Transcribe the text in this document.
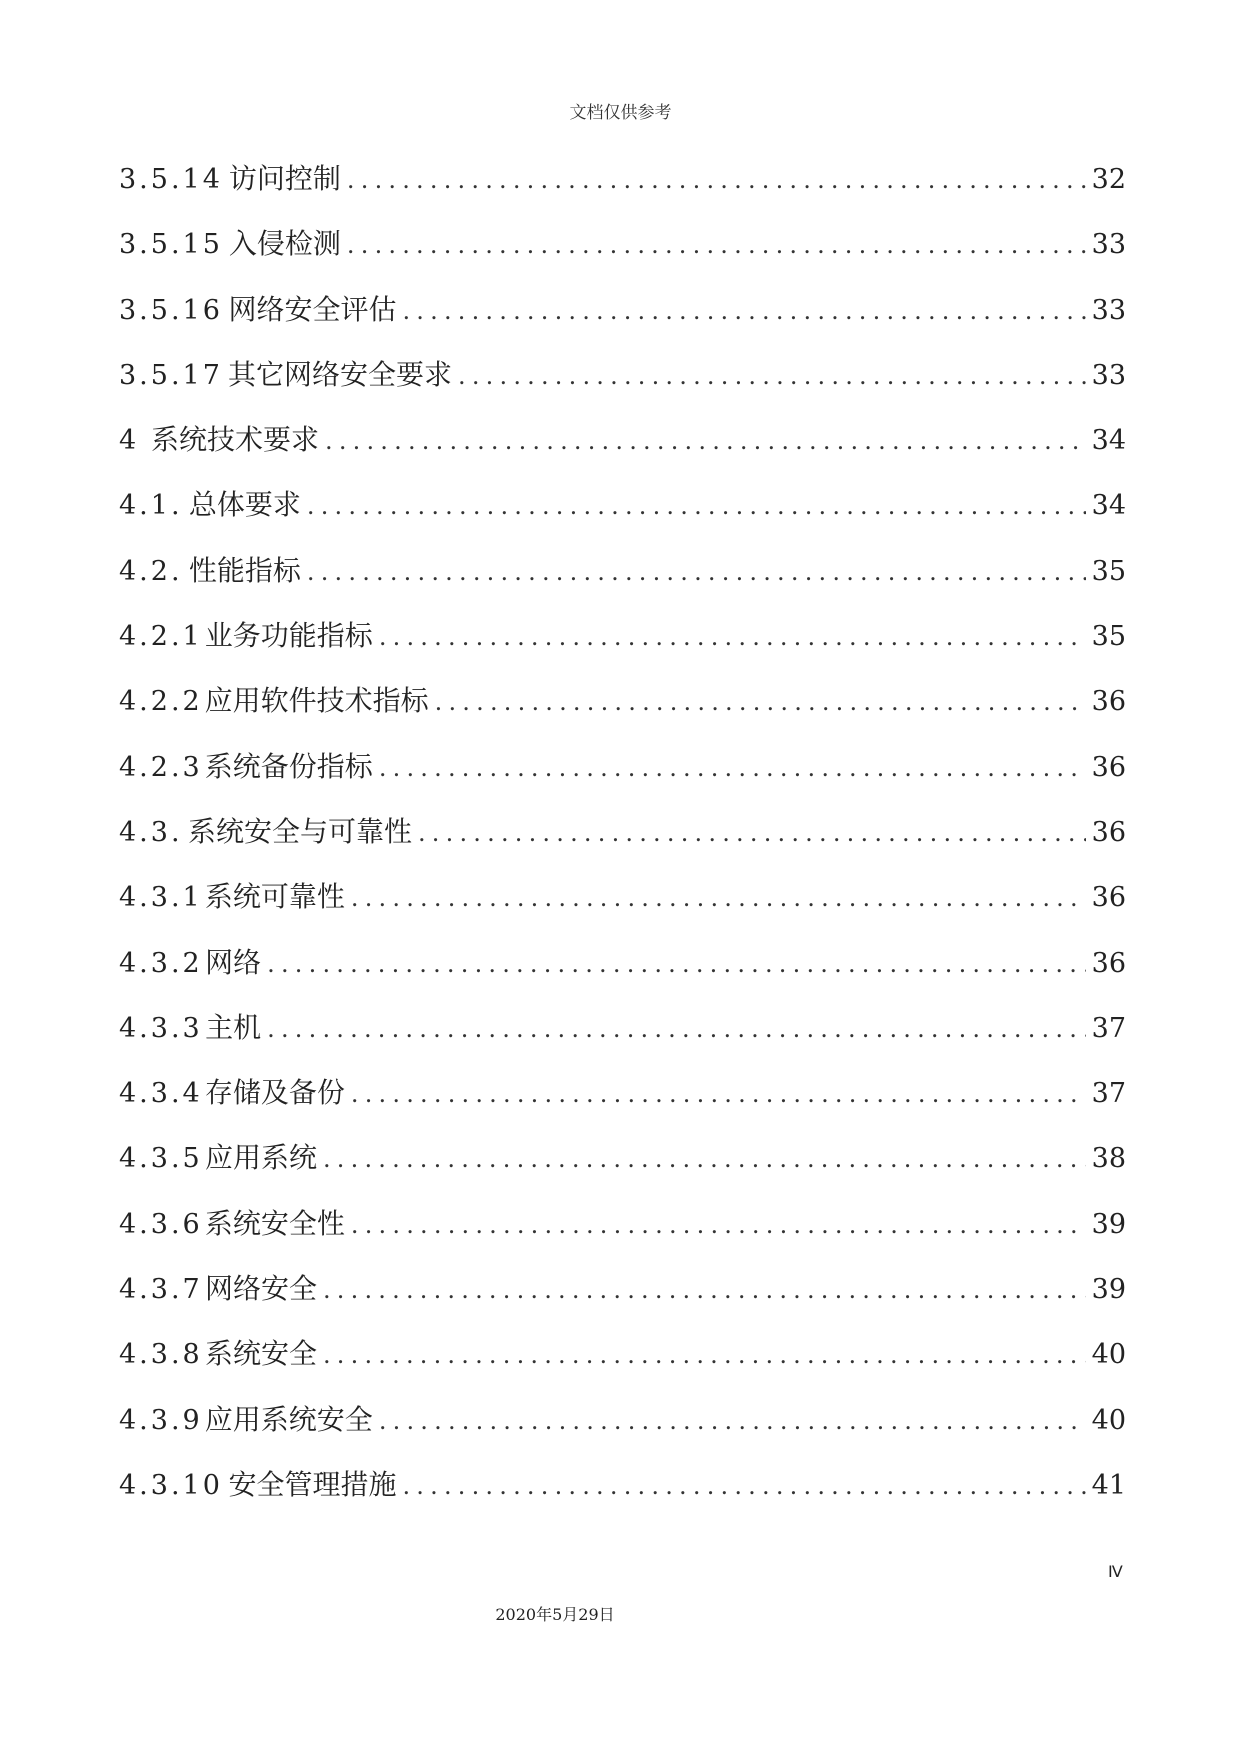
文档仅供参考
3.5.14 访问控制 .....	32
3.5.15 入侵检测 .....	33
3.5.16 网络安全评估 .....	33
3.5.17 其它网络安全要求 .....	33
4 系统技术要求 .....	34
4.1. 总体要求 .....	34
4.2. 性能指标 .....	35
4.2.1 业务功能指标 .....	35
4.2.2 应用软件技术指标 .....	36
4.2.3 系统备份指标 .....	36
4.3. 系统安全与可靠性 .....	36
4.3.1 系统可靠性 .....	36
4.3.2 网络 .....	36
4.3.3 主机 .....	37
4.3.4 存储及备份 .....	37
4.3.5 应用系统 .....	38
4.3.6 系统安全性 .....	39
4.3.7 网络安全 .....	39
4.3.8 系统安全 .....	40
4.3.9 应用系统安全 .....	40
4.3.10 安全管理措施 .....	41
Ⅳ
2020年5月29日
